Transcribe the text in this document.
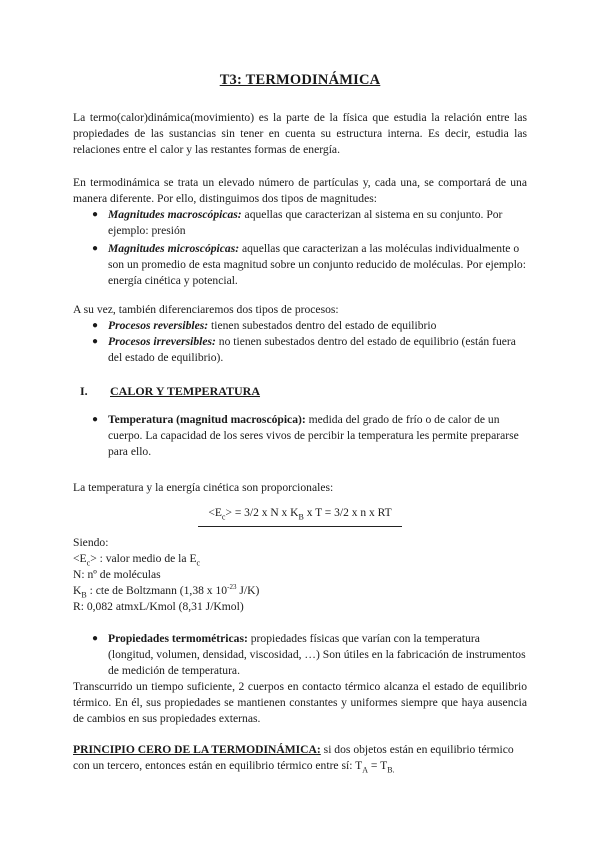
T3: TERMODINÁMICA
La termo(calor)dinámica(movimiento) es la parte de la física que estudia la relación entre las propiedades de las sustancias sin tener en cuenta su estructura interna. Es decir, estudia las relaciones entre el calor y las restantes formas de energía.
En termodinámica se trata un elevado número de partículas y, cada una, se comportará de una manera diferente. Por ello, distinguimos dos tipos de magnitudes:
● Magnitudes macroscópicas: aquellas que caracterizan al sistema en su conjunto. Por ejemplo: presión
● Magnitudes microscópicas: aquellas que caracterizan a las moléculas individualmente o son un promedio de esta magnitud sobre un conjunto reducido de moléculas. Por ejemplo: energía cinética y potencial.
A su vez, también diferenciaremos dos tipos de procesos:
● Procesos reversibles: tienen subestados dentro del estado de equilibrio
● Procesos irreversibles: no tienen subestados dentro del estado de equilibrio (están fuera del estado de equilibrio).
I. CALOR Y TEMPERATURA
● Temperatura (magnitud macroscópica): medida del grado de frío o de calor de un cuerpo. La capacidad de los seres vivos de percibir la temperatura les permite prepararse para ello.
La temperatura y la energía cinética son proporcionales:
$<E_c> = 3/2$ x N x $K_B$ x T = 3/2 x n x RT
Siendo:
$<E_c>$ : valor medio de la $E_c$
N: nº de moléculas
$K_B$ : cte de Boltzmann (1,38 x $10^{-23}$ J/K)
R: 0,082 atmxL/Kmol (8,31 J/Kmol)
● Propiedades termométricas: propiedades físicas que varían con la temperatura (longitud, volumen, densidad, viscosidad, …) Son útiles en la fabricación de instrumentos de medición de temperatura.
Transcurrido un tiempo suficiente, 2 cuerpos en contacto térmico alcanza el estado de equilibrio térmico. En él, sus propiedades se mantienen constantes y uniformes siempre que haya ausencia de cambios en sus propiedades externas.
PRINCIPIO CERO DE LA TERMODINÁMICA: si dos objetos están en equilibrio térmico con un tercero, entonces están en equilibrio térmico entre sí: $T_A = T_{B.}$
